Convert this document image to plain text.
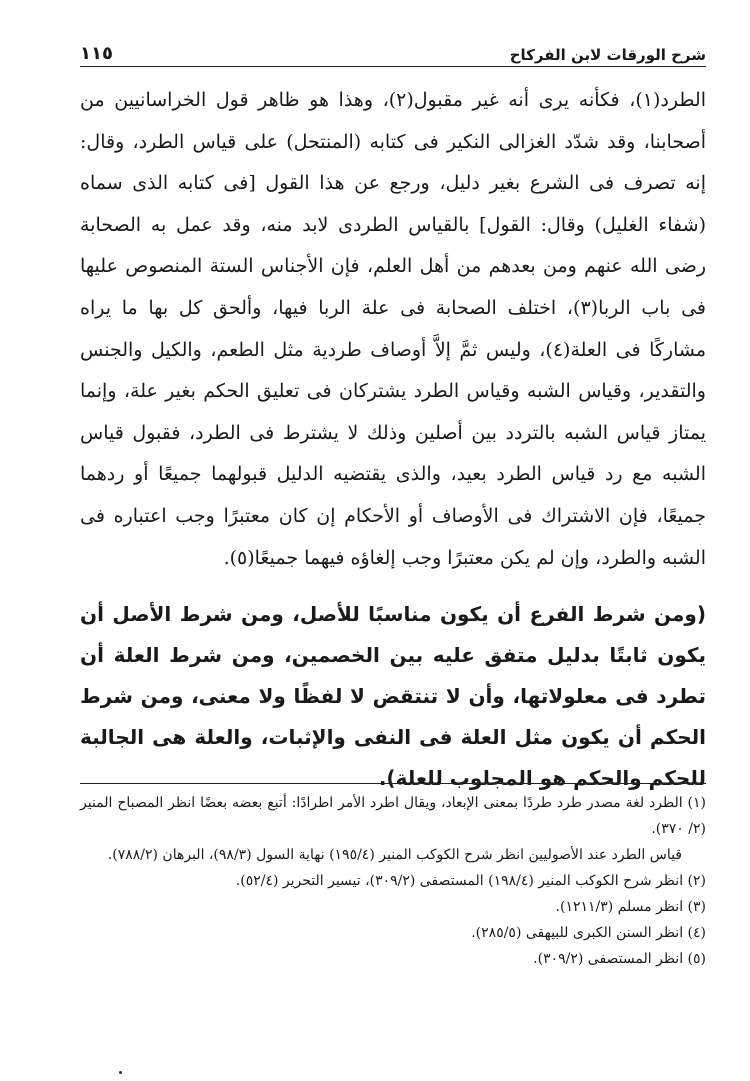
شرح الورقات لابن الفركاح
١١٥

الطرد(١)، فكأنه يرى أنه غير مقبول(٢)، وهذا هو ظاهر قول الخراسانيين من أصحابنا، وقد شدّد الغزالى النكير فى كتابه (المنتحل) على قياس الطرد، وقال: إنه تصرف فى الشرع بغير دليل، ورجع عن هذا القول [فى كتابه الذى سماه (شفاء الغليل) وقال: القول] بالقياس الطردى لابد منه، وقد عمل به الصحابة رضى الله عنهم ومن بعدهم من أهل العلم، فإن الأجناس الستة المنصوص عليها فى باب الربا(٣)، اختلف الصحابة فى علة الربا فيها، وألحق كل بها ما يراه مشاركًا فى العلة(٤)، وليس ثمَّ إلاَّ أوصاف طردية مثل الطعم، والكيل والجنس والتقدير، وقياس الشبه وقياس الطرد يشتركان فى تعليق الحكم بغير علة، وإنما يمتاز قياس الشبه بالتردد بين أصلين وذلك لا يشترط فى الطرد، فقبول قياس الشبه مع رد قياس الطرد بعيد، والذى يقتضيه الدليل قبولهما جميعًا أو ردهما جميعًا، فإن الاشتراك فى الأوصاف أو الأحكام إن كان معتبرًا وجب اعتباره فى الشبه والطرد، وإن لم يكن معتبرًا وجب إلغاؤه فيهما جميعًا(٥).

(ومن شرط الفرع أن يكون مناسبًا للأصل، ومن شرط الأصل أن يكون ثابتًا بدليل متفق عليه بين الخصمين، ومن شرط العلة أن تطرد فى معلولاتها، وأن لا تنتقض لا لفظًا ولا معنى، ومن شرط الحكم أن يكون مثل العلة فى النفى والإثبات، والعلة هى الجالبة للحكم والحكم هو المجلوب للعلة).

(١) الطرد لغة مصدر طرد طردًا بمعنى الإبعاد، ويقال اطرد الأمر اطرادًا: أتبع بعضه بعضًا انظر المصباح المنير (٢/ ٣٧٠).

قياس الطرد عند الأصوليين انظر شرح الكوكب المنير (١٩٥/٤) نهاية السول (٩٨/٣)، البرهان (٧٨٨/٢).

(٢) انظر شرح الكوكب المنير (١٩٨/٤) المستصفى (٣٠٩/٢)، تيسير التحرير (٥٢/٤).

(٣) انظر مسلم (١٢١١/٣).

(٤) انظر السنن الكبرى للبيهقى (٢٨٥/٥).

(٥) انظر المستصفى (٣٠٩/٢).
